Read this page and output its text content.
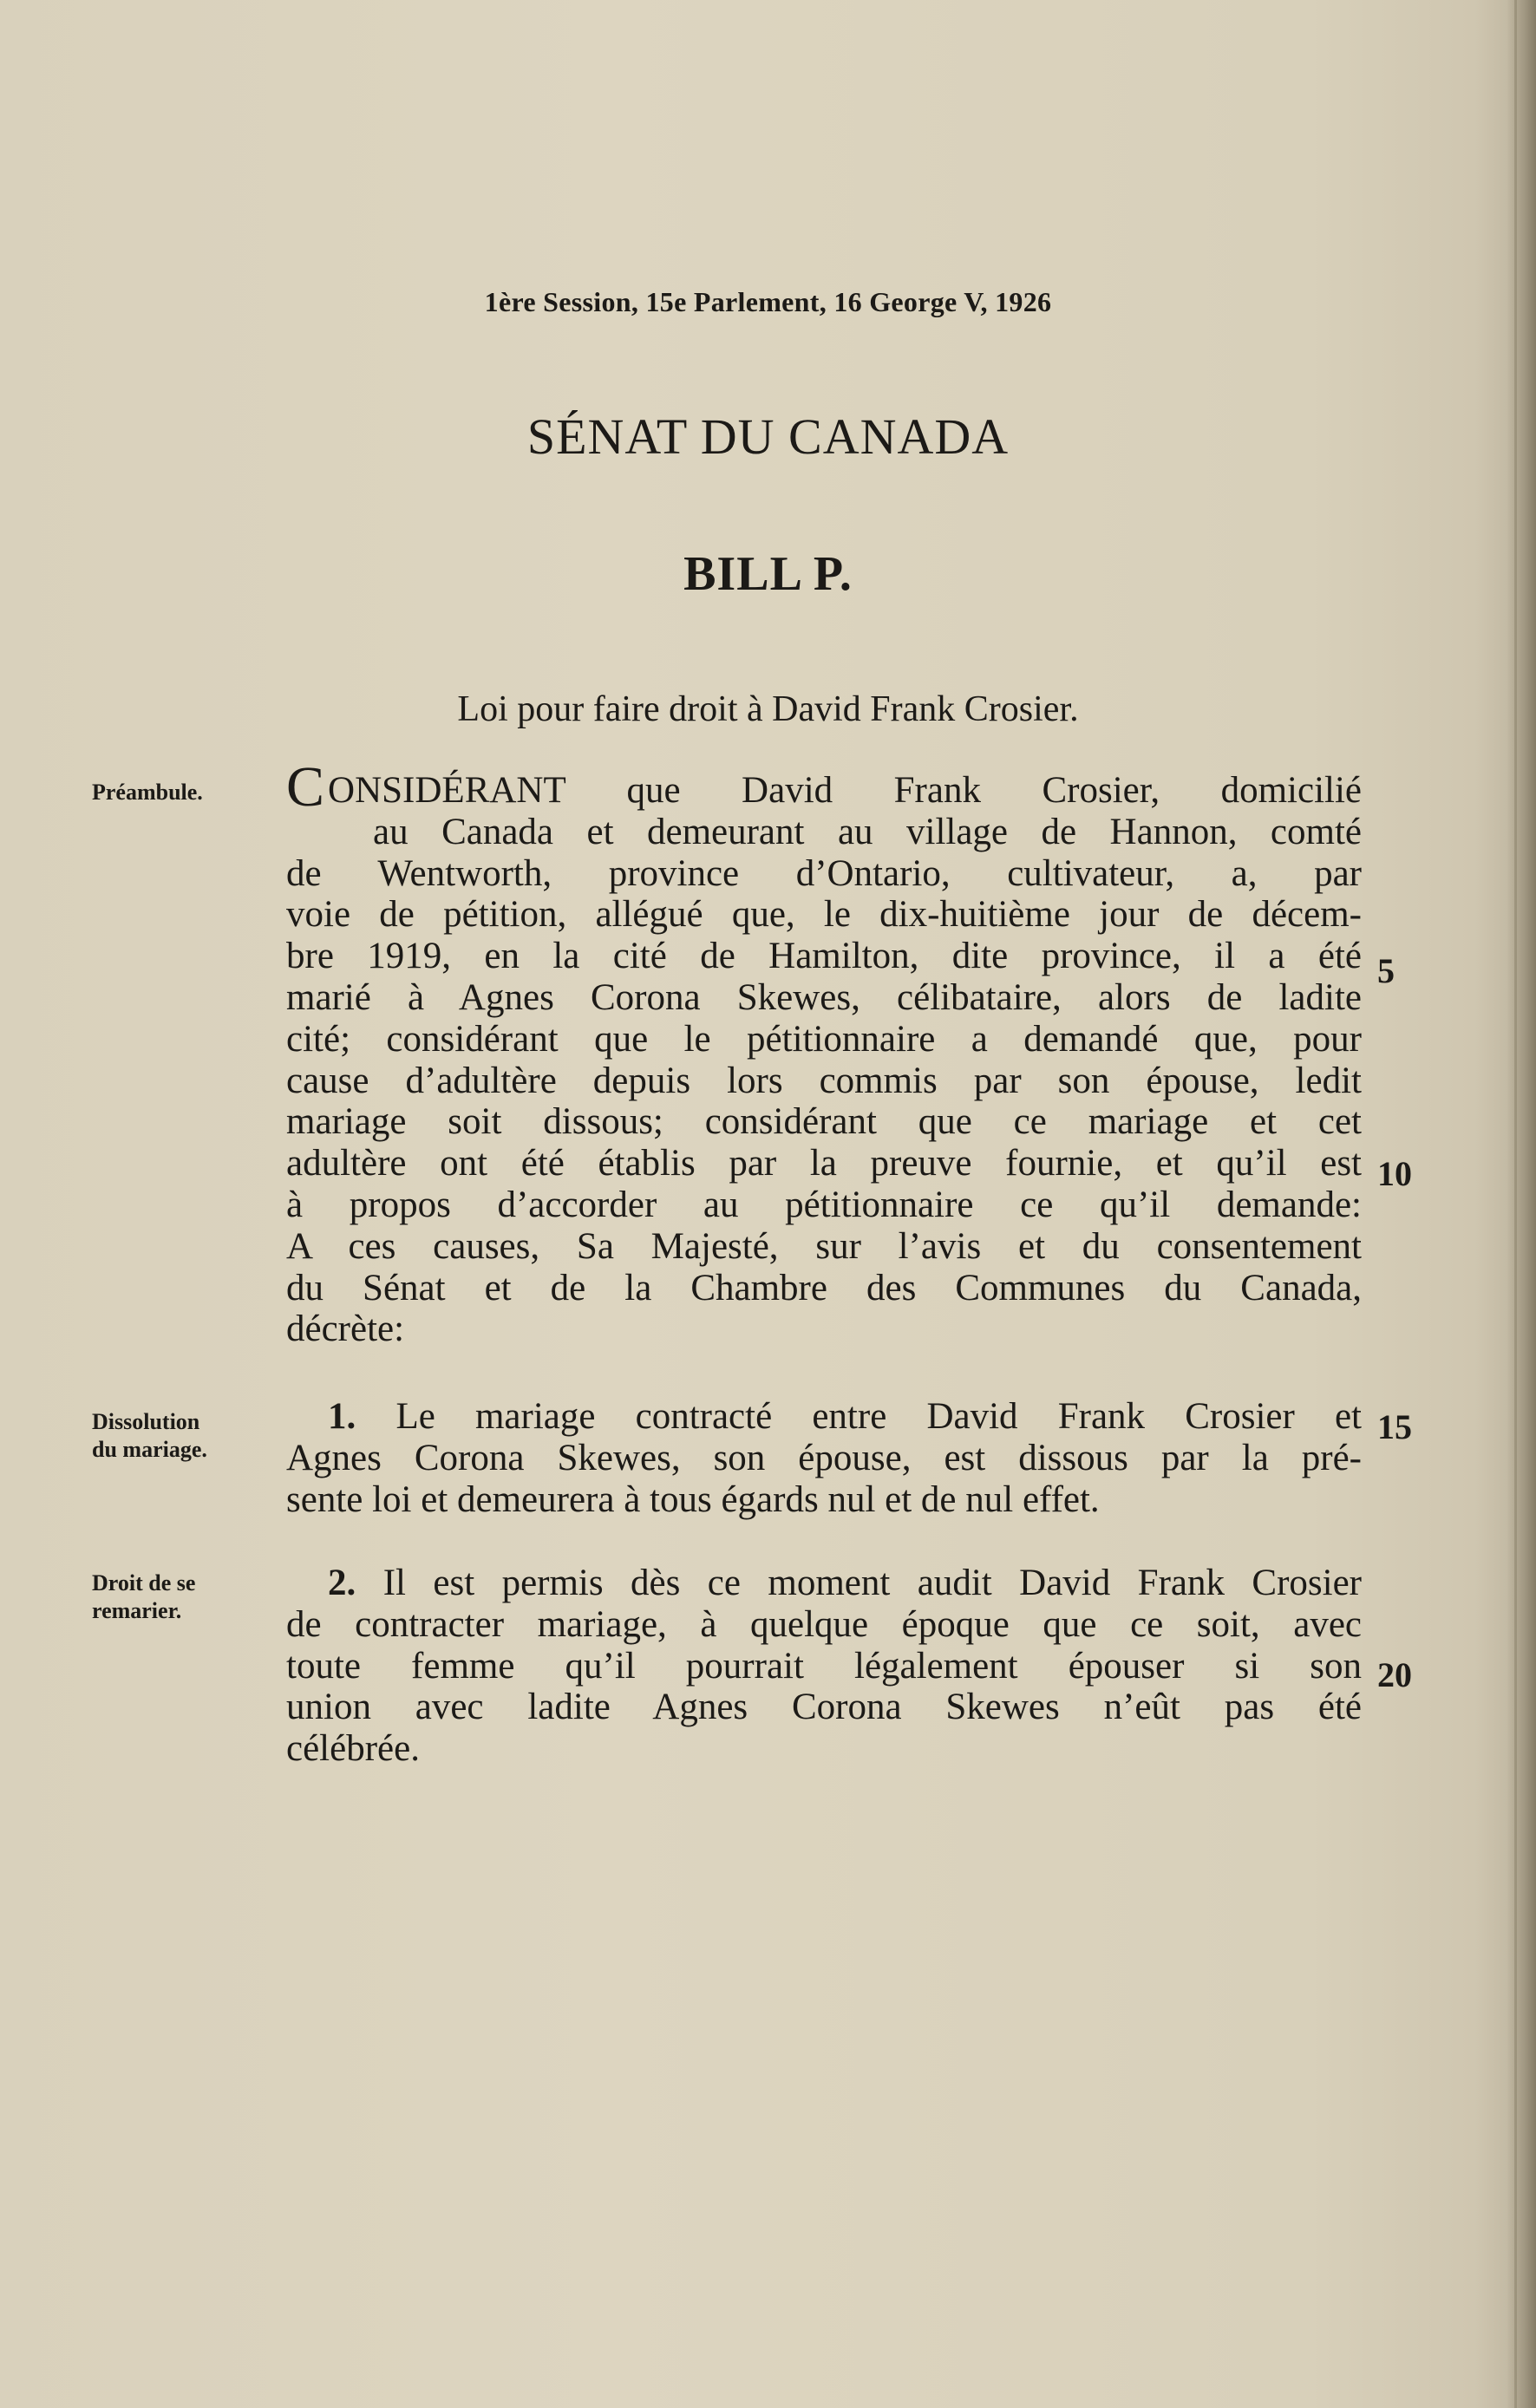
1ère Session, 15e Parlement, 16 George V, 1926
SÉNAT DU CANADA
BILL P.
Loi pour faire droit à David Frank Crosier.
Préambule.
Dissolution
du mariage.
Droit de se
remarier.
CONSIDÉRANT que David Frank Crosier, domicilié
au Canada et demeurant au village de Hannon, comté
de Wentworth, province d’Ontario, cultivateur, a, par
voie de pétition, allégué que, le dix-huitième jour de décem-
bre 1919, en la cité de Hamilton, dite province, il a été
marié à Agnes Corona Skewes, célibataire, alors de ladite
cité; considérant que le pétitionnaire a demandé que, pour
cause d’adultère depuis lors commis par son épouse, ledit
mariage soit dissous; considérant que ce mariage et cet
adultère ont été établis par la preuve fournie, et qu’il est
à propos d’accorder au pétitionnaire ce qu’il demande:
A ces causes, Sa Majesté, sur l’avis et du consentement
du Sénat et de la Chambre des Communes du Canada,
décrète:
1. Le mariage contracté entre David Frank Crosier et
Agnes Corona Skewes, son épouse, est dissous par la pré-
sente loi et demeurera à tous égards nul et de nul effet.
2. Il est permis dès ce moment audit David Frank Crosier
de contracter mariage, à quelque époque que ce soit, avec
toute femme qu’il pourrait légalement épouser si son
union avec ladite Agnes Corona Skewes n’eût pas été
célébrée.
5
10
15
20
